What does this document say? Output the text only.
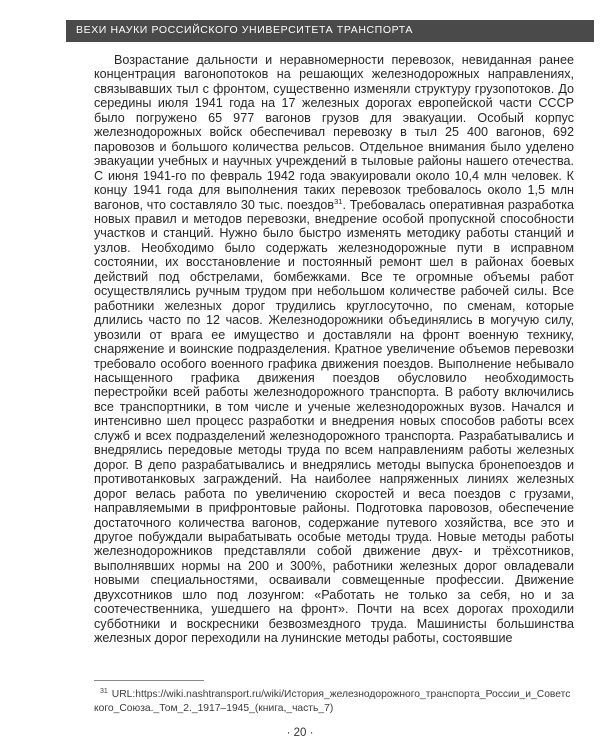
ВЕХИ НАУКИ РОССИЙСКОГО УНИВЕРСИТЕТА ТРАНСПОРТА

Возрастание дальности и неравномерности перевозок, невиданная ранее концентрация вагонопотоков на решающих железнодорожных направлениях, связывавших тыл с фронтом, существенно изменяли структуру грузопотоков. До середины июля 1941 года на 17 железных дорогах европейской части СССР было погружено 65 977 вагонов грузов для эвакуации. Особый корпус железнодорожных войск обеспечивал перевозку в тыл 25 400 вагонов, 692 паровозов и большого количества рельсов. Отдельное внимания было уделено эвакуации учебных и научных учреждений в тыловые районы нашего отечества. С июня 1941-го по февраль 1942 года эвакуировали около 10,4 млн человек. К концу 1941 года для выполнения таких перевозок требовалось около 1,5 млн вагонов, что составляло 30 тыс. поездов$^{31}$. Требовалась оперативная разработка новых правил и методов перевозки, внедрение особой пропускной способности участков и станций. Нужно было быстро изменять методику работы станций и узлов. Необходимо было содержать железнодорожные пути в исправном состоянии, их восстановление и постоянный ремонт шел в районах боевых действий под обстрелами, бомбежками. Все те огромные объемы работ осуществлялись ручным трудом при небольшом количестве рабочей силы. Все работники железных дорог трудились круглосуточно, по сменам, которые длились часто по 12 часов. Железнодорожники объединялись в могучую силу, увозили от врага ее имущество и доставляли на фронт военную технику, снаряжение и воинские подразделения. Кратное увеличение объемов перевозки требовало особого военного графика движения поездов. Выполнение небывало насыщенного графика движения поездов обусловило необходимость перестройки всей работы железнодорожного транспорта. В работу включились все транспортники, в том числе и ученые железнодорожных вузов. Начался и интенсивно шел процесс разработки и внедрения новых способов работы всех служб и всех подразделений железнодорожного транспорта. Разрабатывались и внедрялись передовые методы труда по всем направлениям работы железных дорог. В депо разрабатывались и внедрялись методы выпуска бронепоездов и противотанковых заграждений. На наиболее напряженных линиях железных дорог велась работа по увеличению скоростей и веса поездов с грузами, направляемыми в прифронтовые районы. Подготовка паровозов, обеспечение достаточного количества вагонов, содержание путевого хозяйства, все это и другое побуждали вырабатывать особые методы труда. Новые методы работы железнодорожников представляли собой движение двух- и трёхсотников, выполнявших нормы на 200 и 300%, работники железных дорог овладевали новыми специальностями, осваивали совмещенные профессии. Движение двухсотников шло под лозунгом: «Работать не только за себя, но и за соотечественника, ушедшего на фронт». Почти на всех дорогах проходили субботники и воскресники безвозмездного труда. Машинисты большинства железных дорог переходили на лунинские методы работы, состоявшие

31 URL:https://wiki.nashtransport.ru/wiki/История_железнодорожного_транспорта_России_и_Советского_Союза._Том_2._1917–1945_(книга,_часть_7)
· 20 ·
